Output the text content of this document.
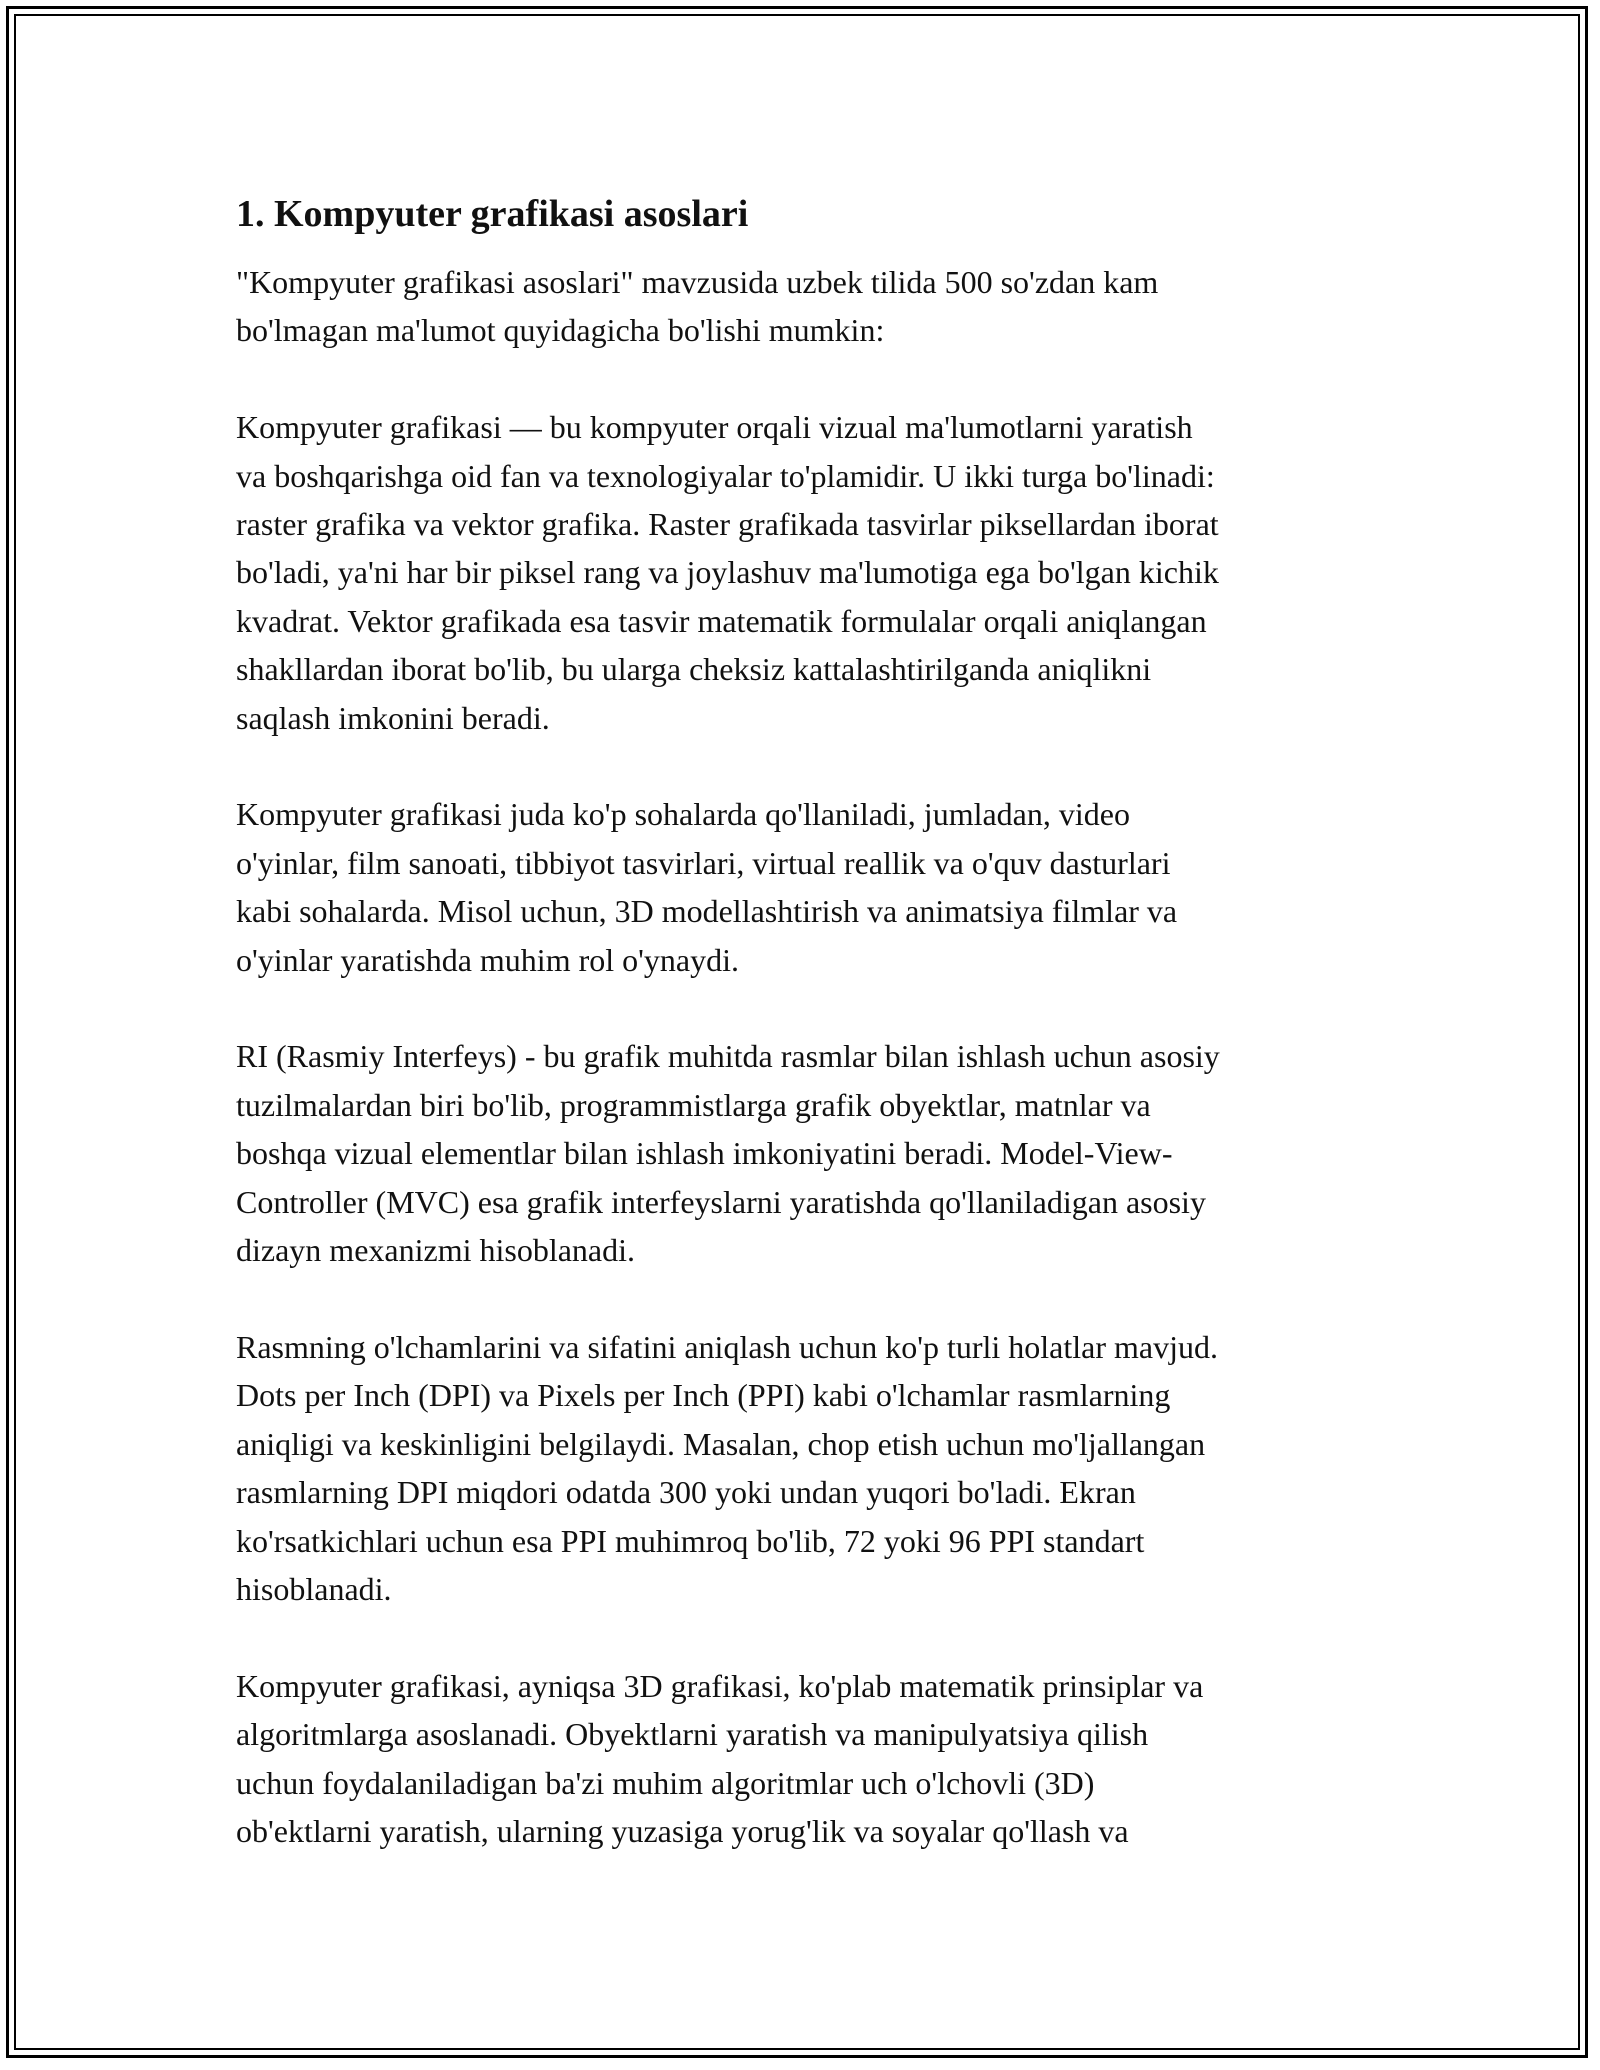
1. Kompyuter grafikasi asoslari
"Kompyuter grafikasi asoslari" mavzusida uzbek tilida 500 so'zdan kam
bo'lmagan ma'lumot quyidagicha bo'lishi mumkin:
Kompyuter grafikasi — bu kompyuter orqali vizual ma'lumotlarni yaratish
va boshqarishga oid fan va texnologiyalar to'plamidir. U ikki turga bo'linadi:
raster grafika va vektor grafika. Raster grafikada tasvirlar piksellardan iborat
bo'ladi, ya'ni har bir piksel rang va joylashuv ma'lumotiga ega bo'lgan kichik
kvadrat. Vektor grafikada esa tasvir matematik formulalar orqali aniqlangan
shakllardan iborat bo'lib, bu ularga cheksiz kattalashtirilganda aniqlikni
saqlash imkonini beradi.
Kompyuter grafikasi juda ko'p sohalarda qo'llaniladi, jumladan, video
o'yinlar, film sanoati, tibbiyot tasvirlari, virtual reallik va o'quv dasturlari
kabi sohalarda. Misol uchun, 3D modellashtirish va animatsiya filmlar va
o'yinlar yaratishda muhim rol o'ynaydi.
RI (Rasmiy Interfeys) - bu grafik muhitda rasmlar bilan ishlash uchun asosiy
tuzilmalardan biri bo'lib, programmistlarga grafik obyektlar, matnlar va
boshqa vizual elementlar bilan ishlash imkoniyatini beradi. Model-View-
Controller (MVC) esa grafik interfeyslarni yaratishda qo'llaniladigan asosiy
dizayn mexanizmi hisoblanadi.
Rasmning o'lchamlarini va sifatini aniqlash uchun ko'p turli holatlar mavjud.
Dots per Inch (DPI) va Pixels per Inch (PPI) kabi o'lchamlar rasmlarning
aniqligi va keskinligini belgilaydi. Masalan, chop etish uchun mo'ljallangan
rasmlarning DPI miqdori odatda 300 yoki undan yuqori bo'ladi. Ekran
ko'rsatkichlari uchun esa PPI muhimroq bo'lib, 72 yoki 96 PPI standart
hisoblanadi.
Kompyuter grafikasi, ayniqsa 3D grafikasi, ko'plab matematik prinsiplar va
algoritmlarga asoslanadi. Obyektlarni yaratish va manipulyatsiya qilish
uchun foydalaniladigan ba'zi muhim algoritmlar uch o'lchovli (3D)
ob'ektlarni yaratish, ularning yuzasiga yorug'lik va soyalar qo'llash va
